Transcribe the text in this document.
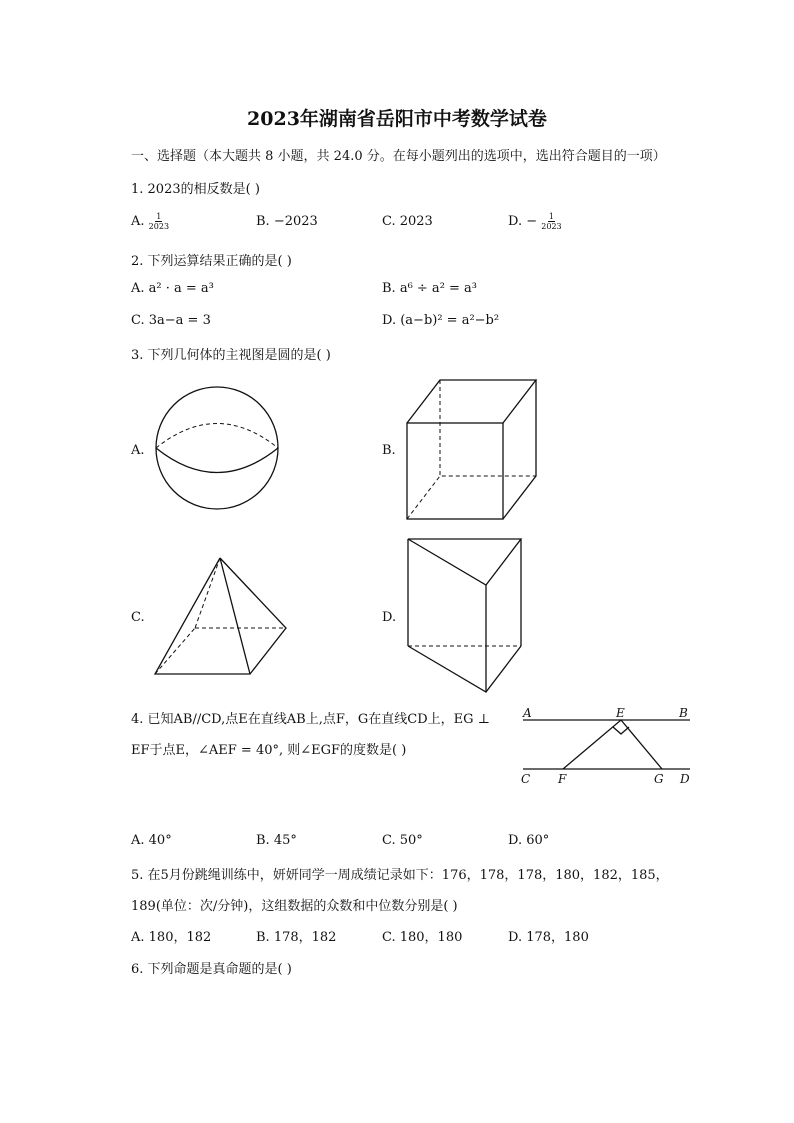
2023年湖南省岳阳市中考数学试卷
一、选择题（本大题共 8 小题，共 24.0 分。在每小题列出的选项中，选出符合题目的一项）
1. 2023的相反数是( )
A. $\frac{1}{2023}$	B. −2023	C. 2023	D. − $\frac{1}{2023}$
2. 下列运算结果正确的是( )
A. a² · a = a³	B. a⁶ ÷ a² = a³
C. 3a−a = 3	D. (a−b)² = a²−b²
3. 下列几何体的主视图是圆的是( )
A.	B.
C.	D.
4. 已知AB//CD,点E在直线AB上,点F，G在直线CD上，EG ⊥
EF于点E，∠AEF = 40°, 则∠EGF的度数是( )
A	E	B
C F	G D
A. 40°	B. 45°	C. 50°	D. 60°
5. 在5月份跳绳训练中，妍妍同学一周成绩记录如下：176，178，178，180，182，185，
189(单位：次/分钟)，这组数据的众数和中位数分别是( )
A. 180，182	B. 178，182	C. 180，180	D. 178，180
6. 下列命题是真命题的是( )
